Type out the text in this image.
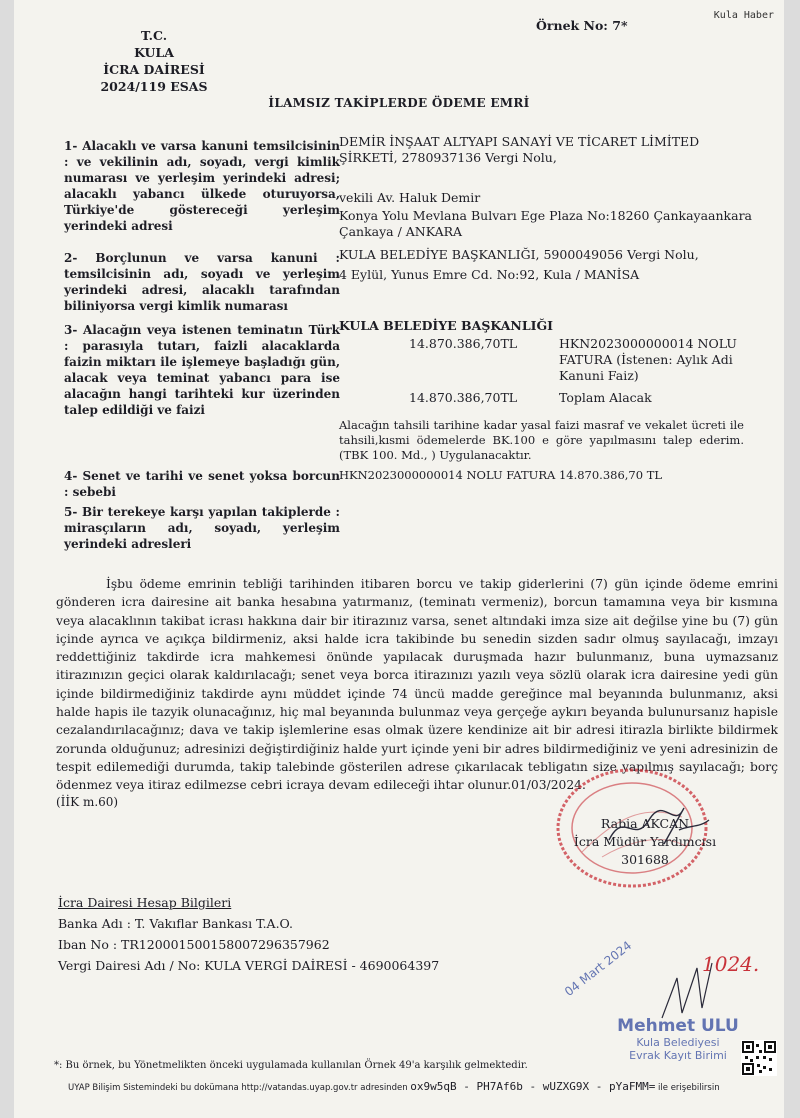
Kula Haber
T.C.
KULA
İCRA DAİRESİ
2024/119 ESAS
Örnek No: 7*
İLAMSIZ TAKİPLERDE ÖDEME EMRİ
1- Alacaklı ve varsa kanuni temsilcisinin : ve vekilinin adı, soyadı, vergi kimlik numarası ve yerleşim yerindeki adresi; alacaklı yabancı ülkede oturuyorsa, Türkiye'de göstereceği yerleşim yerindeki adresi
DEMİR İNŞAAT ALTYAPI SANAYİ VE TİCARET LİMİTED ŞİRKETİ, 2780937136 Vergi Nolu,
vekili Av. Haluk Demir
Konya Yolu Mevlana Bulvarı Ege Plaza No:18260 Çankayaankara Çankaya / ANKARA
2- Borçlunun ve varsa kanuni : temsilcisinin adı, soyadı ve yerleşim yerindeki adresi, alacaklı tarafından biliniyorsa vergi kimlik numarası
KULA BELEDİYE BAŞKANLIĞI, 5900049056 Vergi Nolu,
4 Eylül, Yunus Emre Cd. No:92, Kula / MANİSA
3- Alacağın veya istenen teminatın Türk : parasıyla tutarı, faizli alacaklarda faizin miktarı ile işlemeye başladığı gün, alacak veya teminat yabancı para ise alacağın hangi tarihteki kur üzerinden talep edildiği ve faizi
KULA BELEDİYE BAŞKANLIĞI
14.870.386,70TL	HKN2023000000014 NOLU FATURA (İstenen: Aylık Adi Kanuni Faiz)
14.870.386,70TL	Toplam Alacak
Alacağın tahsili tarihine kadar yasal faizi masraf ve vekalet ücreti ile tahsili,kısmi ödemelerde BK.100 e göre yapılmasını talep ederim. (TBK 100. Md., ) Uygulanacaktır.
4- Senet ve tarihi ve senet yoksa borcun : sebebi
HKN2023000000014 NOLU FATURA 14.870.386,70 TL
5- Bir terekeye karşı yapılan takiplerde : mirasçıların adı, soyadı, yerleşim yerindeki adresleri
İşbu ödeme emrinin tebliği tarihinden itibaren borcu ve takip giderlerini (7) gün içinde ödeme emrini gönderen icra dairesine ait banka hesabına yatırmanız, (teminatı vermeniz), borcun tamamına veya bir kısmına veya alacaklının takibat icrası hakkına dair bir itirazınız varsa, senet altındaki imza size ait değilse yine bu (7) gün içinde ayrıca ve açıkça bildirmeniz, aksi halde icra takibinde bu senedin sizden sadır olmuş sayılacağı, imzayı reddettiğiniz takdirde icra mahkemesi önünde yapılacak duruşmada hazır bulunmanız, buna uymazsanız itirazınızın geçici olarak kaldırılacağı; senet veya borca itirazınızı yazılı veya sözlü olarak icra dairesine yedi gün içinde bildirmediğiniz takdirde aynı müddet içinde 74 üncü madde gereğince mal beyanında bulunmanız, aksi halde hapis ile tazyik olunacağınız, hiç mal beyanında bulunmaz veya gerçeğe aykırı beyanda bulunursanız hapisle cezalandırılacağınız; dava ve takip işlemlerine esas olmak üzere kendinize ait bir adresi itirazla birlikte bildirmek zorunda olduğunuz; adresinizi değiştirdiğiniz halde yurt içinde yeni bir adres bildirmediğiniz ve yeni adresinizin de tespit edilemediği durumda, takip talebinde gösterilen adrese çıkarılacak tebligatın size yapılmış sayılacağı; borç ödenmez veya itiraz edilmezse cebri icraya devam edileceği ihtar olunur.01/03/2024.
(İİK m.60)
Rabia AKCAN
İcra Müdür Yardımcısı
301688
İcra Dairesi Hesap Bilgileri
Banka Adı : T. Vakıflar Bankası T.A.O.
Iban No : TR120001500158007296357962
Vergi Dairesi Adı / No: KULA VERGİ DAİRESİ - 4690064397	04 Mart 2024	1024.
Mehmet ULU
Kula Belediyesi
Evrak Kayıt Birimi
*: Bu örnek, bu Yönetmelikten önceki uygulamada kullanılan Örnek 49'a karşılık gelmektedir.
UYAP Bilişim Sistemindeki bu dokümana http://vatandas.uyap.gov.tr adresinden ox9w5qB - PH7Af6b - wUZXG9X - pYaFMM= ile erişebilirsin
